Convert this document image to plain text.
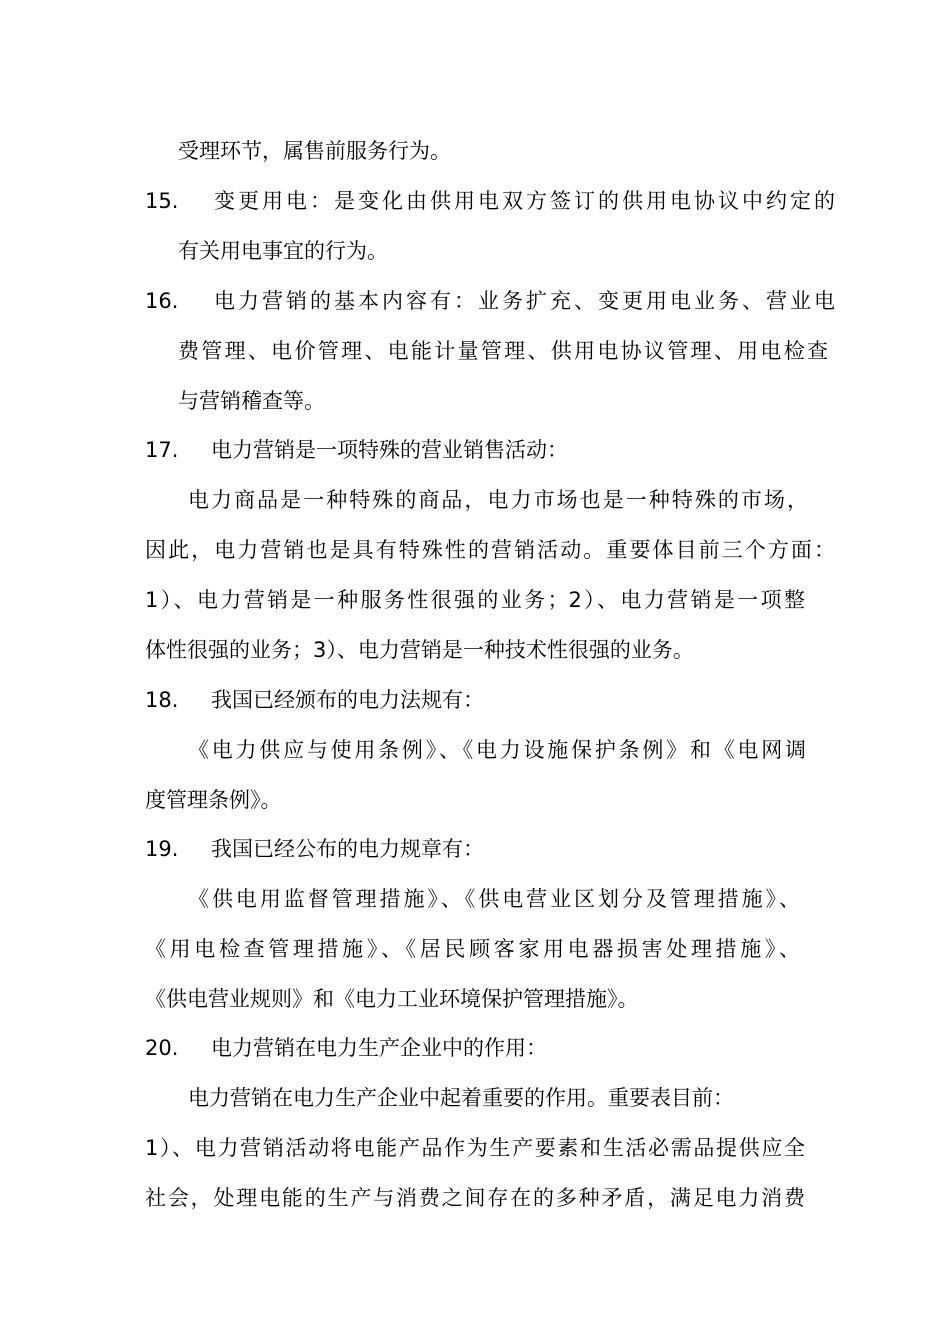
受理环节，属售前服务行为。
15. 变更用电：是变化由供用电双方签订的供用电协议中约定的
有关用电事宜的行为。
16. 电力营销的基本内容有：业务扩充、变更用电业务、营业电
费管理、电价管理、电能计量管理、供用电协议管理、用电检查
与营销稽查等。
17. 电力营销是一项特殊的营业销售活动：
电力商品是一种特殊的商品，电力市场也是一种特殊的市场，
因此，电力营销也是具有特殊性的营销活动。重要体目前三个方面：
1）、电力营销是一种服务性很强的业务；2）、电力营销是一项整
体性很强的业务；3）、电力营销是一种技术性很强的业务。
18. 我国已经颁布的电力法规有：
《电力供应与使用条例》、《电力设施保护条例》和《电网调
度管理条例》。
19. 我国已经公布的电力规章有：
《供电用监督管理措施》、《供电营业区划分及管理措施》、
《用电检查管理措施》、《居民顾客家用电器损害处理措施》、
《供电营业规则》和《电力工业环境保护管理措施》。
20. 电力营销在电力生产企业中的作用：
电力营销在电力生产企业中起着重要的作用。重要表目前：
1）、电力营销活动将电能产品作为生产要素和生活必需品提供应全
社会，处理电能的生产与消费之间存在的多种矛盾，满足电力消费
